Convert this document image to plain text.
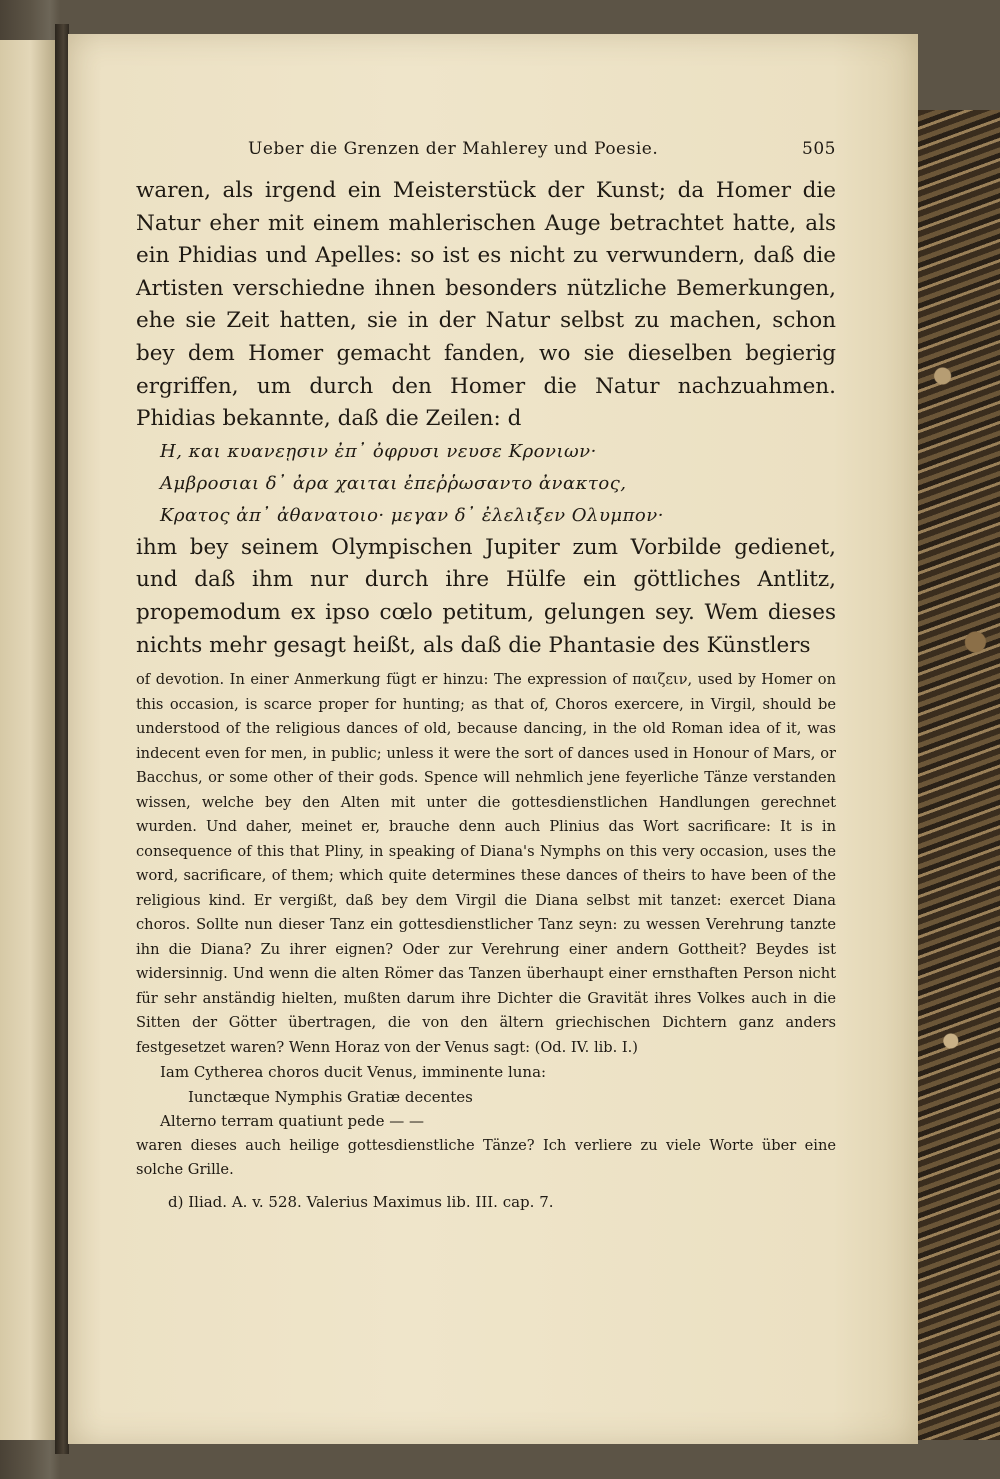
Ueber die Grenzen der Mahlerey und Poesie.	505

waren, als irgend ein Meisterstück der Kunst; da Homer die Natur eher mit einem mahlerischen Auge betrachtet hatte, als ein Phidias und Apelles: so ist es nicht zu verwundern, daß die Artisten verschiedne ihnen besonders nützliche Bemerkungen, ehe sie Zeit hatten, sie in der Natur selbst zu machen, schon bey dem Homer gemacht fanden, wo sie dieselben begierig ergriffen, um durch den Homer die Natur nachzuahmen. Phidias bekannte, daß die Zeilen: d

Η, και κυανεῃσιν ἐπ᾽ ὀφρυσι νευσε Κρονιων·
Αμβροσιαι δ᾽ ἀρα χαιται ἐπεῤῥωσαντο ἀνακτος,
Κρατος ἀπ᾽ ἀθανατοιο· μεγαν δ᾽ ἐλελιξεν Ολυμπον·

ihm bey seinem Olympischen Jupiter zum Vorbilde gedienet, und daß ihm nur durch ihre Hülfe ein göttliches Antlitz, propemodum ex ipso cœlo petitum, gelungen sey. Wem dieses nichts mehr gesagt heißt, als daß die Phantasie des Künstlers

of devotion. In einer Anmerkung fügt er hinzu: The expression of παιζειν, used by Homer on this occasion, is scarce proper for hunting; as that of, Choros exercere, in Virgil, should be understood of the religious dances of old, because dancing, in the old Roman idea of it, was indecent even for men, in public; unless it were the sort of dances used in Honour of Mars, or Bacchus, or some other of their gods. Spence will nehmlich jene feyerliche Tänze verstanden wissen, welche bey den Alten mit unter die gottesdienstlichen Handlungen gerechnet wurden. Und daher, meinet er, brauche denn auch Plinius das Wort sacrificare: It is in consequence of this that Pliny, in speaking of Diana's Nymphs on this very occasion, uses the word, sacrificare, of them; which quite determines these dances of theirs to have been of the religious kind. Er vergißt, daß bey dem Virgil die Diana selbst mit tanzet: exercet Diana choros. Sollte nun dieser Tanz ein gottesdienstlicher Tanz seyn: zu wessen Verehrung tanzte ihn die Diana? Zu ihrer eignen? Oder zur Verehrung einer andern Gottheit? Beydes ist widersinnig. Und wenn die alten Römer das Tanzen überhaupt einer ernsthaften Person nicht für sehr anständig hielten, mußten darum ihre Dichter die Gravität ihres Volkes auch in die Sitten der Götter übertragen, die von den ältern griechischen Dichtern ganz anders festgesetzet waren? Wenn Horaz von der Venus sagt: (Od. IV. lib. I.)

Iam Cytherea choros ducit Venus, imminente luna:
Iunctæque Nymphis Gratiæ decentes
Alterno terram quatiunt pede — —
waren dieses auch heilige gottesdienstliche Tänze? Ich verliere zu viele Worte über eine solche Grille.
d) Iliad. A. v. 528. Valerius Maximus lib. III. cap. 7.
